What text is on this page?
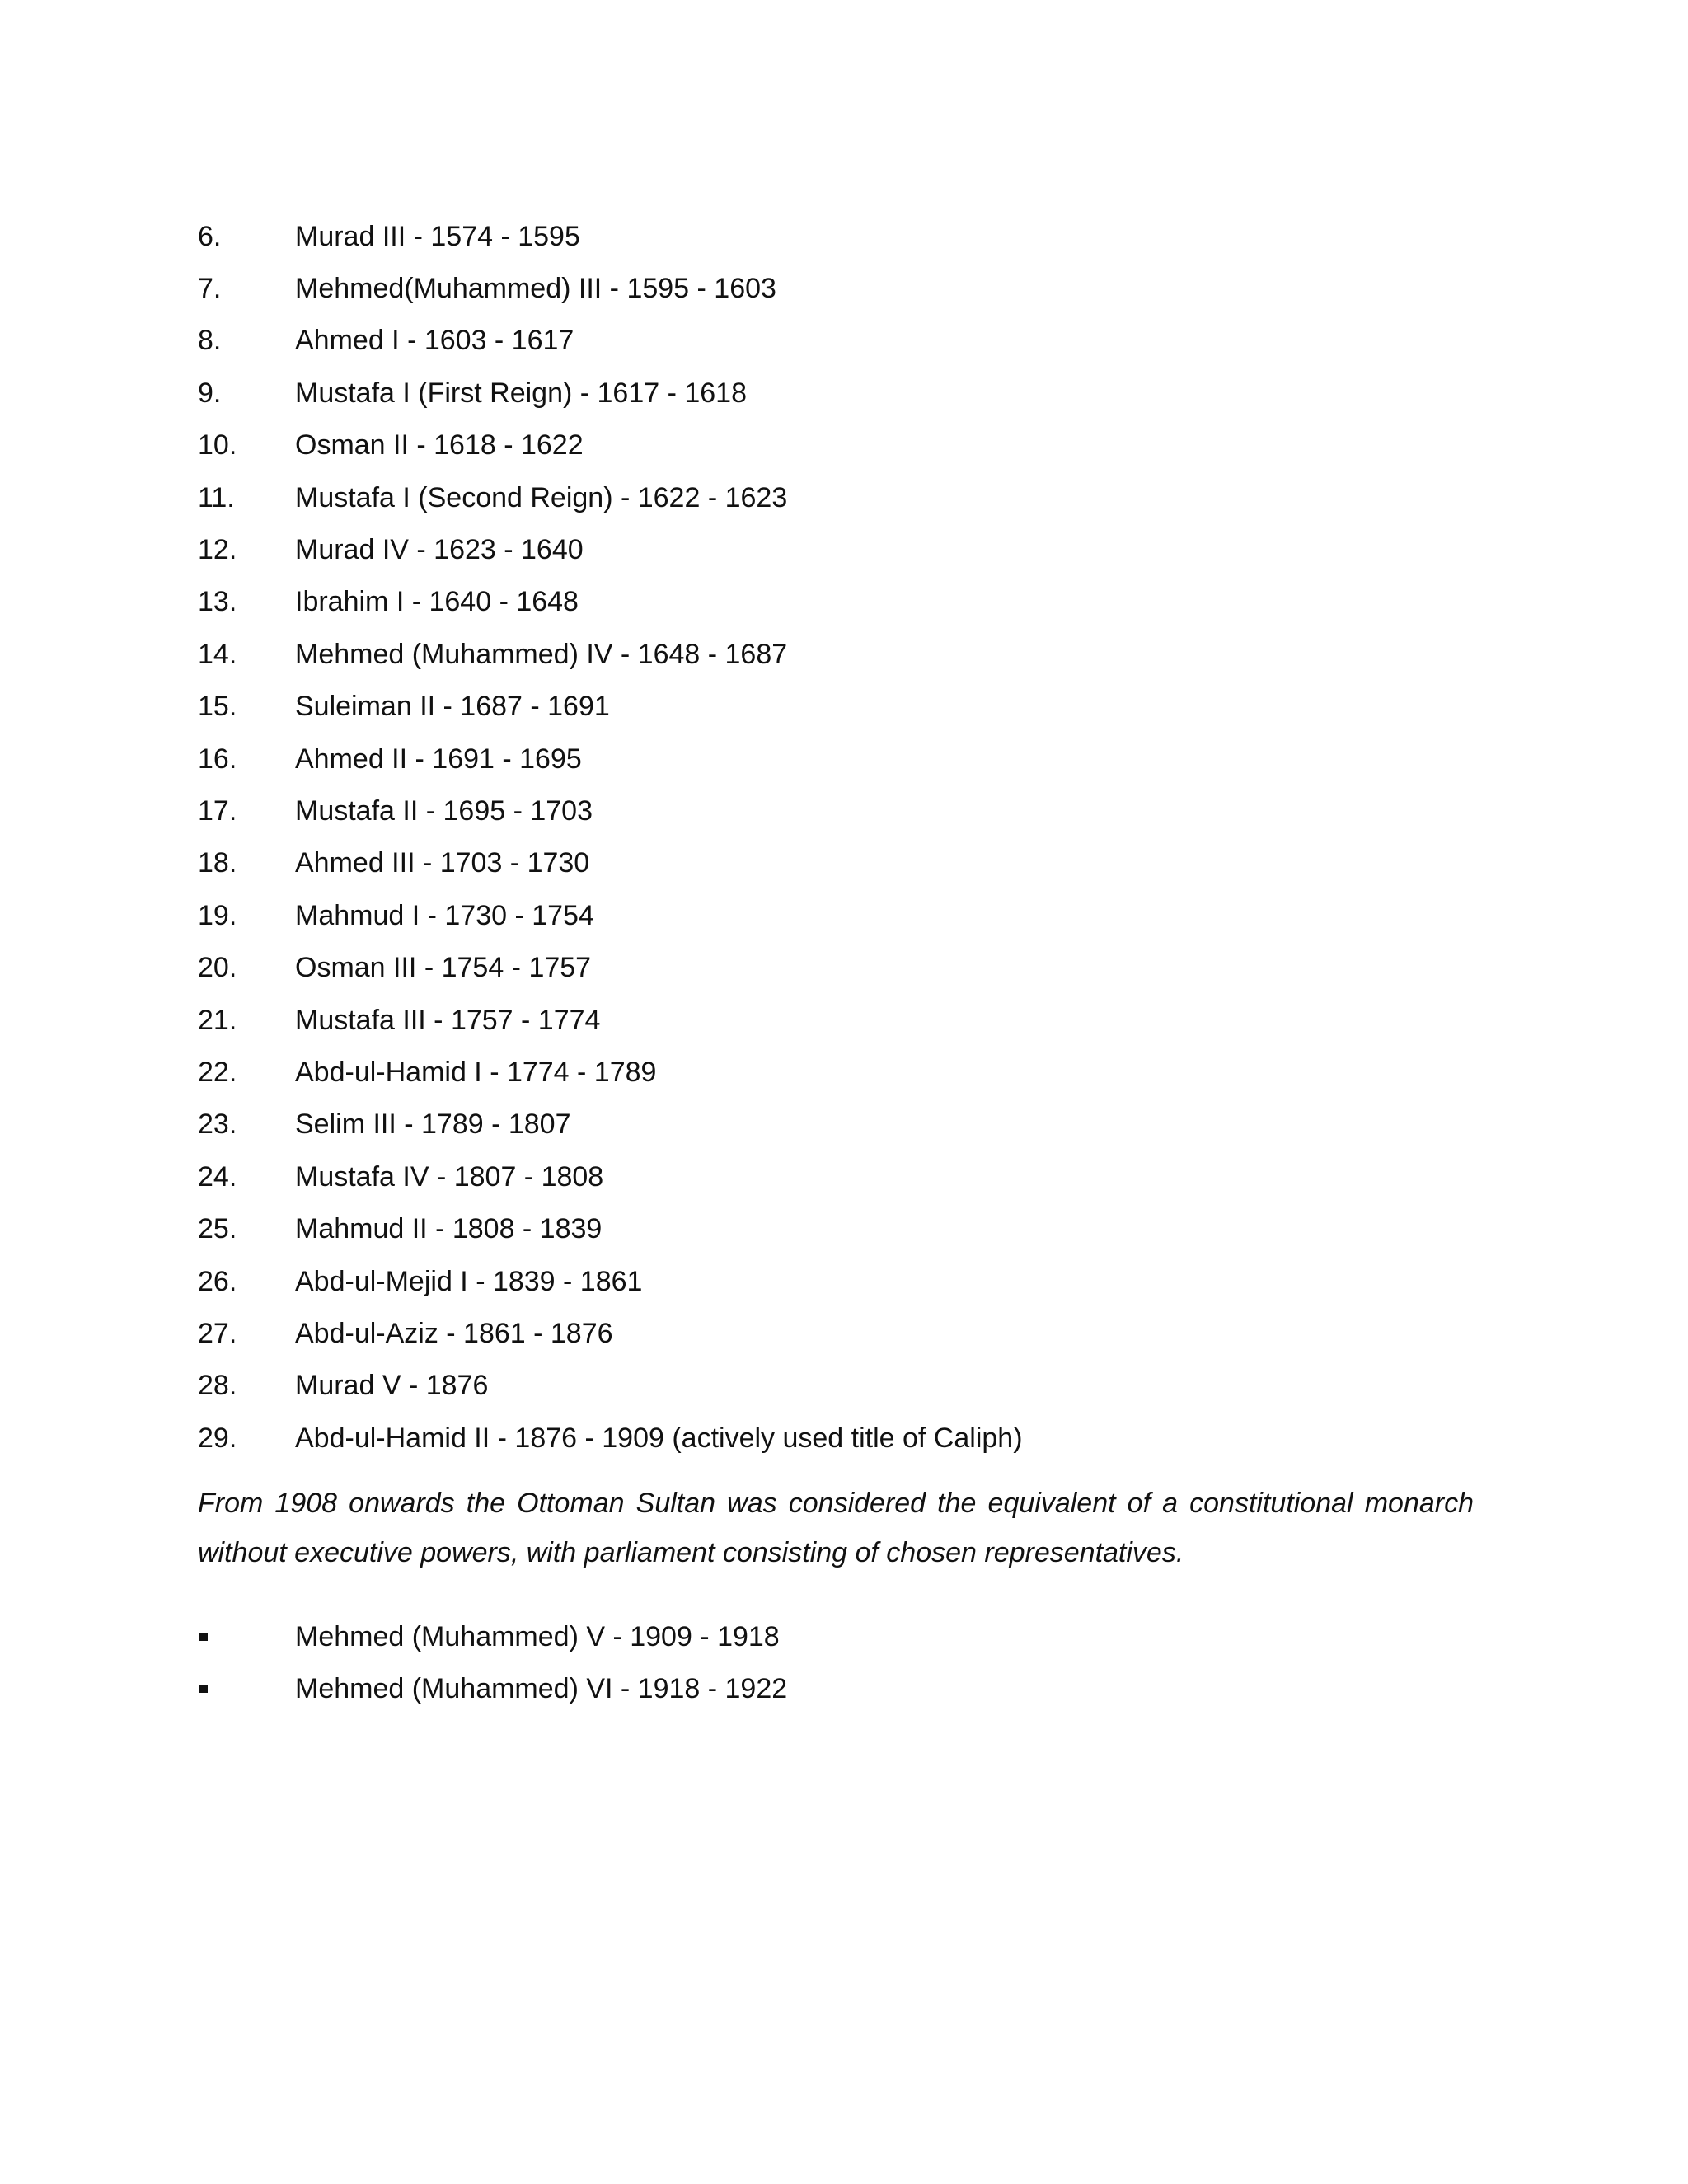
6.	Murad III - 1574 - 1595
7.	Mehmed(Muhammed) III - 1595 - 1603
8.	Ahmed I - 1603 - 1617
9.	Mustafa I (First Reign) - 1617 - 1618
10.	Osman II - 1618 - 1622
11.	Mustafa I (Second Reign) - 1622 - 1623
12.	Murad IV - 1623 - 1640
13.	Ibrahim I - 1640 - 1648
14.	Mehmed (Muhammed) IV - 1648 - 1687
15.	Suleiman II - 1687 - 1691
16.	Ahmed II - 1691 - 1695
17.	Mustafa II - 1695 - 1703
18.	Ahmed III - 1703 - 1730
19.	Mahmud I - 1730 - 1754
20.	Osman III - 1754 - 1757
21.	Mustafa III - 1757 - 1774
22.	Abd-ul-Hamid I - 1774 - 1789
23.	Selim III - 1789 - 1807
24.	Mustafa IV - 1807 - 1808
25.	Mahmud II - 1808 - 1839
26.	Abd-ul-Mejid I - 1839 - 1861
27.	Abd-ul-Aziz - 1861 - 1876
28.	Murad V - 1876
29.	Abd-ul-Hamid II - 1876 - 1909 (actively used title of Caliph)

From 1908 onwards the Ottoman Sultan was considered the equivalent of a constitutional monarch without executive powers, with parliament consisting of chosen representatives.

Mehmed (Muhammed) V - 1909 - 1918
Mehmed (Muhammed) VI - 1918 - 1922
